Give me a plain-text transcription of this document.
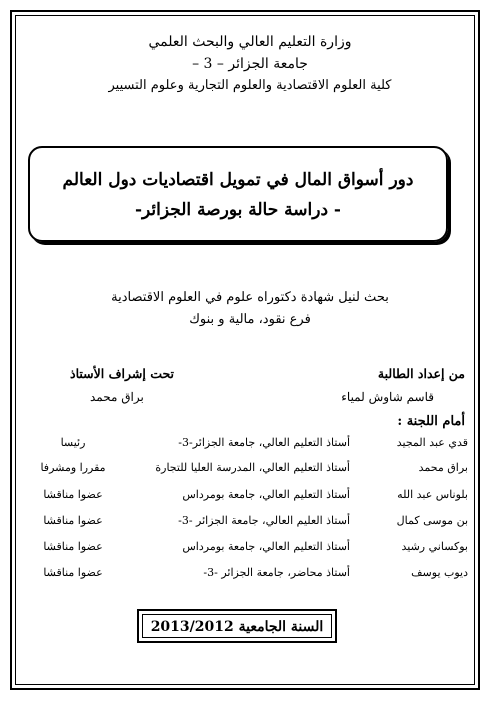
وزارة التعليم العالي والبحث العلمي
جامعة الجزائر – 3 –
كلية العلوم الاقتصادية والعلوم التجارية وعلوم التسيير
دور أسواق المال في تمويل اقتصاديات دول العالم
- دراسة حالة بورصة الجزائر-
بحث لنيل شهادة دكتوراه علوم في العلوم الاقتصادية
فرع نقود، مالية و بنوك
من إعداد الطالبة
تحت إشراف الأستاذ
قاسم شاوش لمياء
براق محمد
أمام اللجنة :
قدي عبد المجيد
أستاذ التعليم العالي، جامعة الجزائر-3-
رئيسا
براق محمد
أستاذ التعليم العالي، المدرسة العليا للتجارة
مقررا ومشرفا
بلوناس عبد الله
أستاذ التعليم العالي، جامعة بومرداس
عضوا مناقشا
بن موسى كمال
أستاذ العليم العالي، جامعة الجزائر -3-
عضوا مناقشا
بوكساني رشيد
أستاذ التعليم العالي، جامعة بومرداس
عضوا مناقشا
ديوب يوسف
أستاذ محاضر، جامعة الجزائر -3-
عضوا مناقشا
السنة الجامعية 2013/2012
